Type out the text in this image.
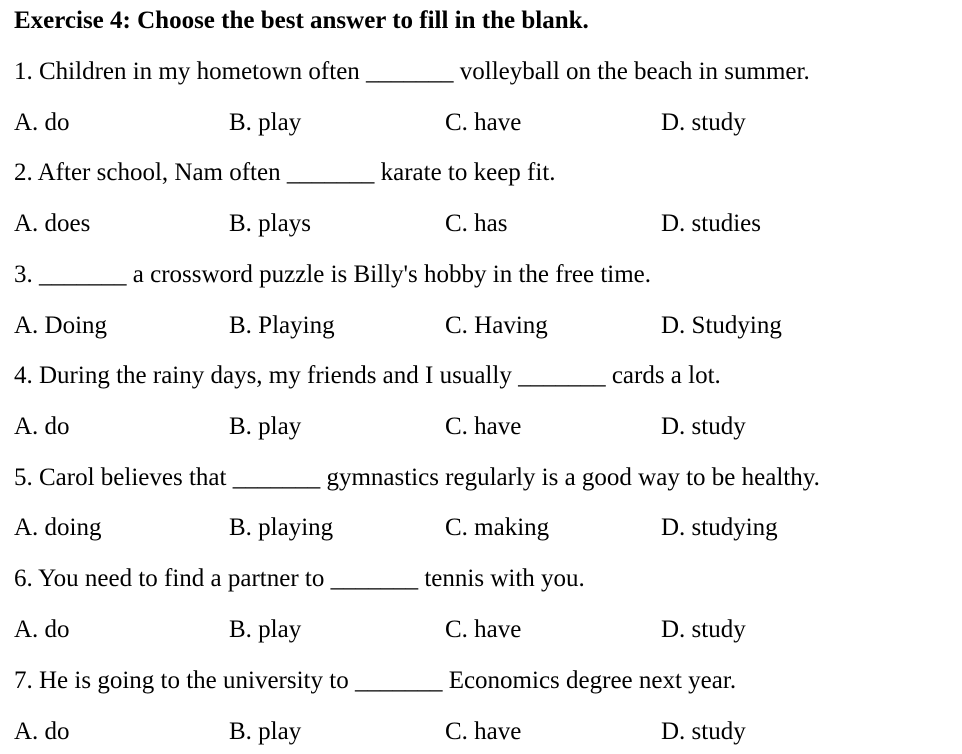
Exercise 4: Choose the best answer to fill in the blank.
1. Children in my hometown often _______ volleyball on the beach in summer.
A. do	B. play	C. have	D. study
2. After school, Nam often _______ karate to keep fit.
A. does	B. plays	C. has	D. studies
3. _______ a crossword puzzle is Billy's hobby in the free time.
A. Doing	B. Playing	C. Having	D. Studying
4. During the rainy days, my friends and I usually _______ cards a lot.
A. do	B. play	C. have	D. study
5. Carol believes that _______ gymnastics regularly is a good way to be healthy.
A. doing	B. playing	C. making	D. studying
6. You need to find a partner to _______ tennis with you.
A. do	B. play	C. have	D. study
7. He is going to the university to _______ Economics degree next year.
A. do	B. play	C. have	D. study
